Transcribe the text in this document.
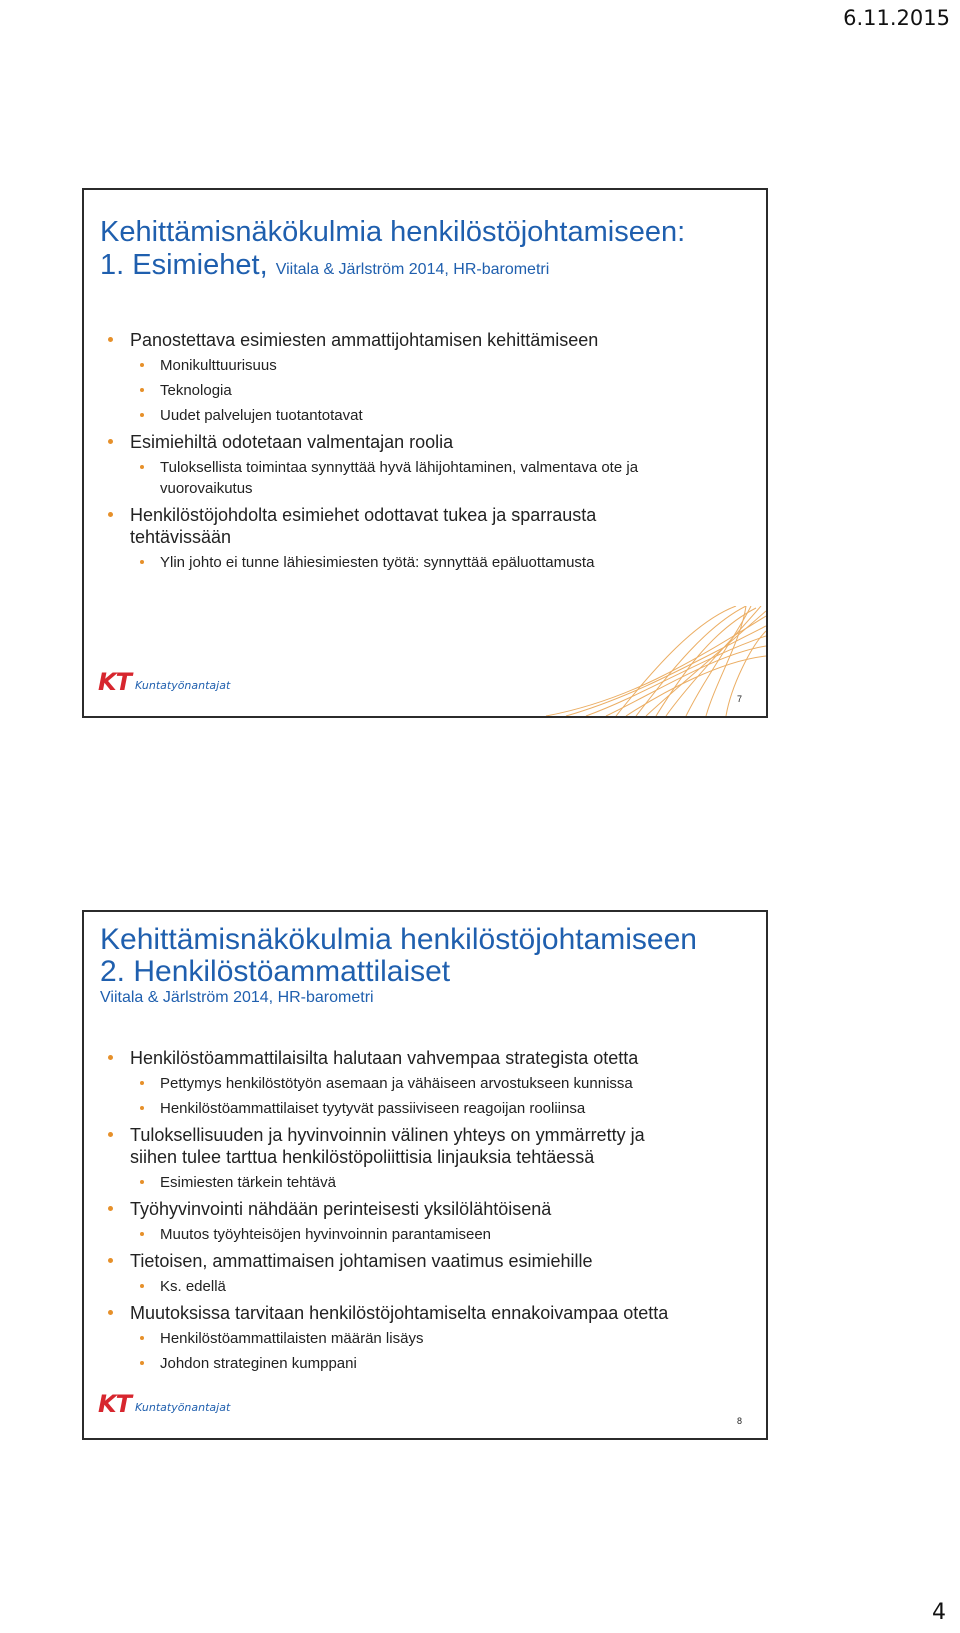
6.11.2015
Kehittämisnäkökulmia henkilöstöjohtamiseen:
1. Esimiehet, Viitala & Järlström 2014, HR-barometri
Panostettava esimiesten ammattijohtamisen kehittämiseen
Monikulttuurisuus
Teknologia
Uudet palvelujen tuotantotavat
Esimiehiltä odotetaan valmentajan roolia
Tuloksellista toimintaa synnyttää hyvä lähijohtaminen, valmentava ote ja vuorovaikutus
Henkilöstöjohdolta esimiehet odottavat tukea ja sparrausta tehtävissään
Ylin johto ei tunne lähiesimiesten työtä: synnyttää epäluottamusta
KT Kuntatyönantajat
7
Kehittämisnäkökulmia henkilöstöjohtamiseen
2. Henkilöstöammattilaiset
Viitala & Järlström 2014, HR-barometri
Henkilöstöammattilaisilta halutaan vahvempaa strategista otetta
Pettymys henkilöstötyön asemaan ja vähäiseen arvostukseen kunnissa
Henkilöstöammattilaiset tyytyvät passiiviseen reagoijan rooliinsa
Tuloksellisuuden ja hyvinvoinnin välinen yhteys on ymmärretty ja siihen tulee tarttua henkilöstöpoliittisia linjauksia tehtäessä
Esimiesten tärkein tehtävä
Työhyvinvointi nähdään perinteisesti yksilölähtöisenä
Muutos työyhteisöjen hyvinvoinnin parantamiseen
Tietoisen, ammattimaisen johtamisen vaatimus esimiehille
Ks. edellä
Muutoksissa tarvitaan henkilöstöjohtamiselta ennakoivampaa otetta
Henkilöstöammattilaisten määrän lisäys
Johdon strateginen kumppani
KT Kuntatyönantajat
8
4
